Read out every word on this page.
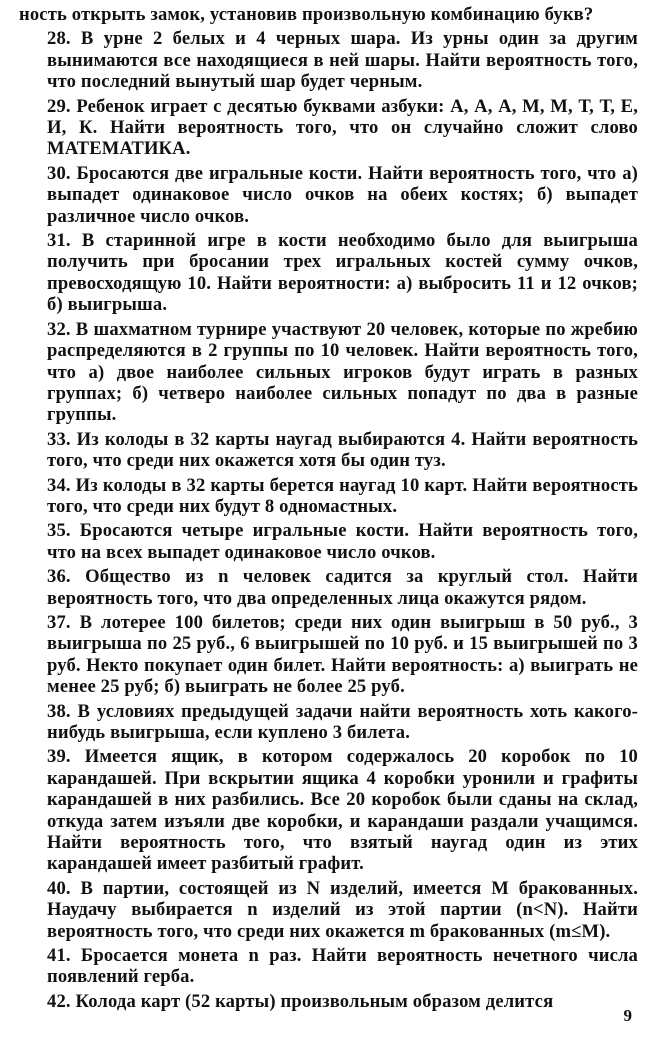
ность открыть замок, установив произвольную комбинацию букв?

28. В урне 2 белых и 4 черных шара. Из урны один за другим вынимаются все находящиеся в ней шары. Найти вероятность того, что последний вынутый шар будет черным.

29. Ребенок играет с десятью буквами азбуки: А, А, А, М, М, Т, Т, Е, И, К. Найти вероятность того, что он случайно сложит слово МАТЕМАТИКА.

30. Бросаются две игральные кости. Найти вероятность того, что а) выпадет одинаковое число очков на обеих костях; б) выпадет различное число очков.

31. В старинной игре в кости необходимо было для выигрыша получить при бросании трех игральных костей сумму очков, превосходящую 10. Найти вероятности: а) выбросить 11 и 12 очков; б) выигрыша.

32. В шахматном турнире участвуют 20 человек, которые по жребию распределяются в 2 группы по 10 человек. Найти вероятность того, что а) двое наиболее сильных игроков будут играть в разных группах; б) четверо наиболее сильных попадут по два в разные группы.

33. Из колоды в 32 карты наугад выбираются 4. Найти вероятность того, что среди них окажется хотя бы один туз.

34. Из колоды в 32 карты берется наугад 10 карт. Найти вероятность того, что среди них будут 8 одномастных.

35. Бросаются четыре игральные кости. Найти вероятность того, что на всех выпадет одинаковое число очков.

36. Общество из n человек садится за круглый стол. Найти вероятность того, что два определенных лица окажутся рядом.

37. В лотерее 100 билетов; среди них один выигрыш в 50 руб., 3 выигрыша по 25 руб., 6 выигрышей по 10 руб. и 15 выигрышей по 3 руб. Некто покупает один билет. Найти вероятность: а) выиграть не менее 25 руб; б) выиграть не более 25 руб.

38. В условиях предыдущей задачи найти вероятность хоть какого-нибудь выигрыша, если куплено 3 билета.

39. Имеется ящик, в котором содержалось 20 коробок по 10 карандашей. При вскрытии ящика 4 коробки уронили и графиты карандашей в них разбились. Все 20 коробок были сданы на склад, откуда затем изъяли две коробки, и карандаши раздали учащимся. Найти вероятность того, что взятый наугад один из этих карандашей имеет разбитый графит.

40. В партии, состоящей из N изделий, имеется M бракованных. Наудачу выбирается n изделий из этой партии (n<N). Найти вероятность того, что среди них окажется m бракованных (m≤M).

41. Бросается монета n раз. Найти вероятность нечетного числа появлений герба.

42. Колода карт (52 карты) произвольным образом делится

9
